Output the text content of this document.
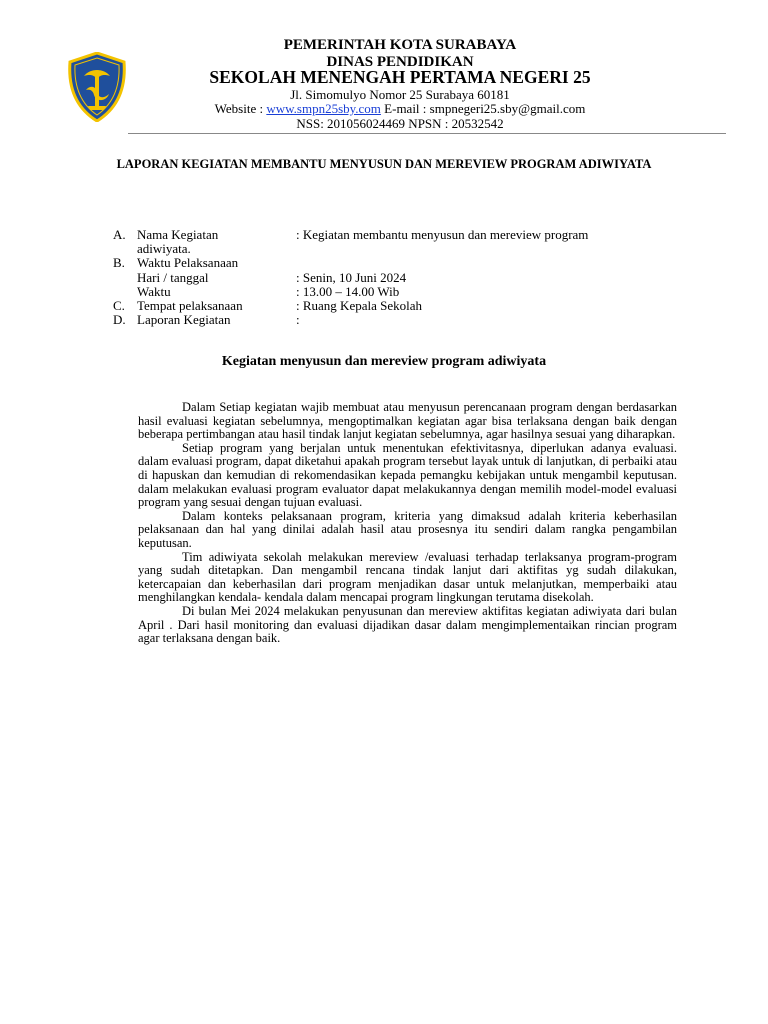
PEMERINTAH KOTA SURABAYA
DINAS PENDIDIKAN
SEKOLAH MENENGAH PERTAMA NEGERI 25
Jl. Simomulyo Nomor 25 Surabaya 60181
Website : www.smpn25sby.com E-mail : smpnegeri25.sby@gmail.com
NSS: 201056024469 NPSN : 20532542
LAPORAN KEGIATAN MEMBANTU MENYUSUN DAN MEREVIEW PROGRAM ADIWIYATA
A. Nama Kegiatan	: Kegiatan membantu menyusun dan mereview program
adiwiyata.
B. Waktu Pelaksanaan
Hari / tanggal	: Senin, 10 Juni 2024
Waktu	: 13.00 – 14.00 Wib
C. Tempat pelaksanaan	: Ruang Kepala Sekolah
D. Laporan Kegiatan	:
Kegiatan menyusun dan mereview program adiwiyata

Dalam Setiap kegiatan wajib membuat atau menyusun perencanaan program dengan berdasarkan hasil evaluasi kegiatan sebelumnya, mengoptimalkan kegiatan agar bisa terlaksana dengan baik dengan beberapa pertimbangan atau hasil tindak lanjut kegiatan sebelumnya, agar hasilnya sesuai yang diharapkan.

Setiap program yang berjalan untuk menentukan efektivitasnya, diperlukan adanya evaluasi. dalam evaluasi program, dapat diketahui apakah program tersebut layak untuk di lanjutkan, di perbaiki atau di hapuskan dan kemudian di rekomendasikan kepada pemangku kebijakan untuk mengambil keputusan. dalam melakukan evaluasi program evaluator dapat melakukannya dengan memilih model-model evaluasi program yang sesuai dengan tujuan evaluasi.

Dalam konteks pelaksanaan program, kriteria yang dimaksud adalah kriteria keberhasilan pelaksanaan dan hal yang dinilai adalah hasil atau prosesnya itu sendiri dalam rangka pengambilan keputusan.

Tim adiwiyata sekolah melakukan mereview /evaluasi terhadap terlaksanya program-program yang sudah ditetapkan. Dan mengambil rencana tindak lanjut dari aktifitas yg sudah dilakukan, ketercapaian dan keberhasilan dari program menjadikan dasar untuk melanjutkan, memperbaiki atau menghilangkan kendala- kendala dalam mencapai program lingkungan terutama disekolah.

Di bulan Mei 2024 melakukan penyusunan dan mereview aktifitas kegiatan adiwiyata dari bulan April . Dari hasil monitoring dan evaluasi dijadikan dasar dalam mengimplementaikan rincian program agar terlaksana dengan baik.
